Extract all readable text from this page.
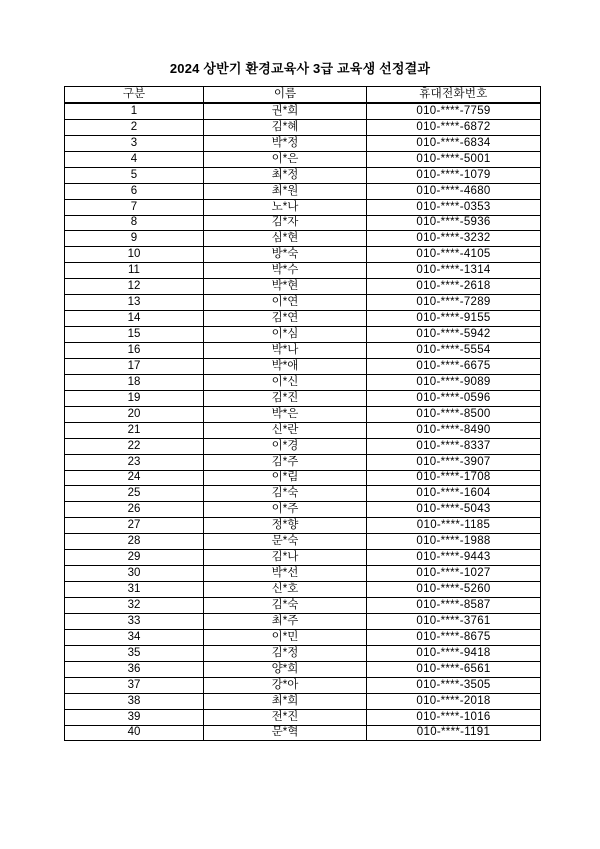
2024 상반기 환경교육사 3급 교육생 선정결과
구분	이름	휴대전화번호
1	권*희	010-****-7759
2	김*혜	010-****-6872
3	박*정	010-****-6834
4	이*은	010-****-5001
5	최*정	010-****-1079
6	최*원	010-****-4680
7	노*나	010-****-0353
8	김*자	010-****-5936
9	심*현	010-****-3232
10	방*숙	010-****-4105
11	박*수	010-****-1314
12	박*현	010-****-2618
13	이*연	010-****-7289
14	김*연	010-****-9155
15	이*심	010-****-5942
16	박*나	010-****-5554
17	박*애	010-****-6675
18	이*신	010-****-9089
19	김*진	010-****-0596
20	박*은	010-****-8500
21	신*란	010-****-8490
22	이*경	010-****-8337
23	김*주	010-****-3907
24	이*림	010-****-1708
25	김*숙	010-****-1604
26	이*주	010-****-5043
27	정*향	010-****-1185
28	문*숙	010-****-1988
29	김*나	010-****-9443
30	박*선	010-****-1027
31	신*호	010-****-5260
32	김*숙	010-****-8587
33	최*주	010-****-3761
34	이*민	010-****-8675
35	김*정	010-****-9418
36	양*희	010-****-6561
37	강*아	010-****-3505
38	최*희	010-****-2018
39	전*진	010-****-1016
40	문*혁	010-****-1191
